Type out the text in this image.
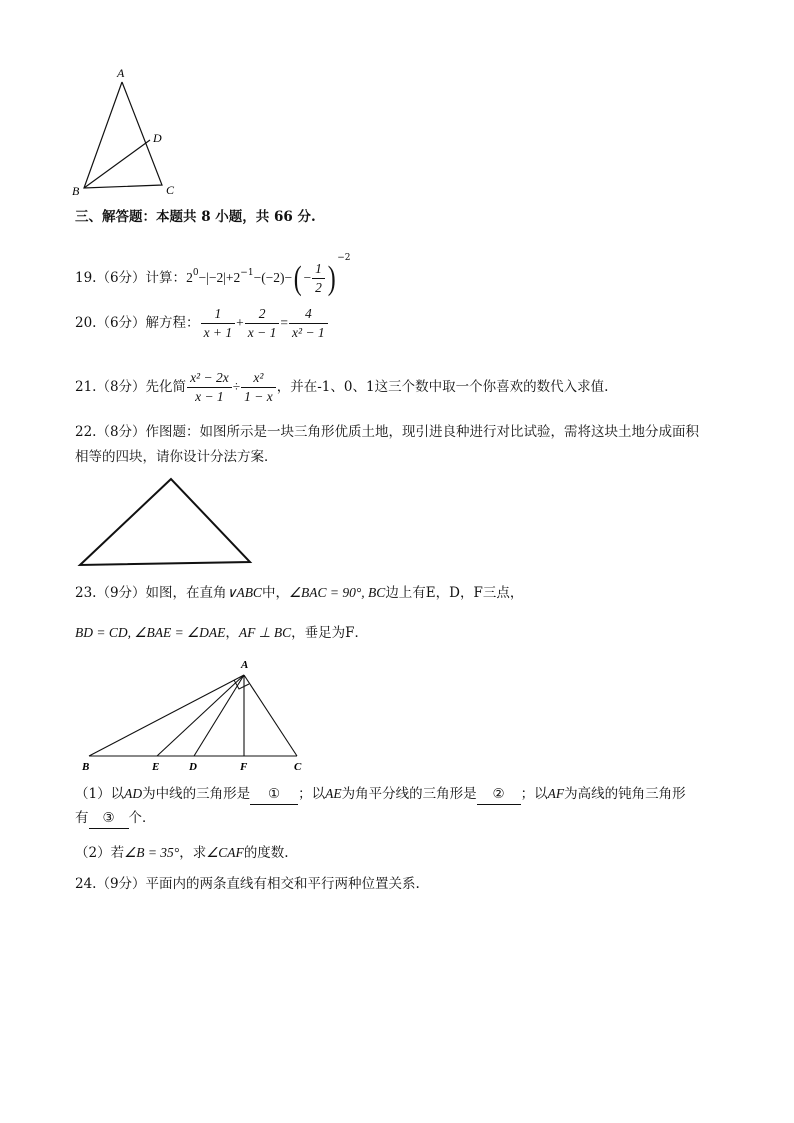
A
B	C
D
三、解答题：本题共 8 小题，共 66 分.
19.（6分）计算：$2^0-|-2|+2^{-1}-(-2)-( - \frac{1}{2} )^{-2}$
20.（6分）解方程： $\frac{1}{x + 1} + \frac{2}{x - 1} = \frac{4}{\text{x² − 1}}$
21.（8分）先化简 $\frac{\text{x² − 2x}}{x - 1} \div \frac{\text{x²}}{1 - x}$ ，并在-1、0、1这三个数中取一个你喜欢的数代入求值.
22.（8分）作图题：如图所示是一块三角形优质土地，现引进良种进行对比试验，需将这块土地分成面积
相等的四块，请你设计分法方案．
23.（9分）如图，在直角∨ABC中，∠BAC = 90°, BC边上有E，D，F三点，
BD = CD, ∠BAE = ∠DAE，AF ⊥ BC，垂足为F．
A
B	E	D	F	C
（1）以AD为中线的三角形是 ① ；以AE为角平分线的三角形是 ② ；以AF为高线的钝角三角形
有 ③ 个．
（2）若∠B = 35°，求∠CAF的度数.
24.（9分）平面内的两条直线有相交和平行两种位置关系.
